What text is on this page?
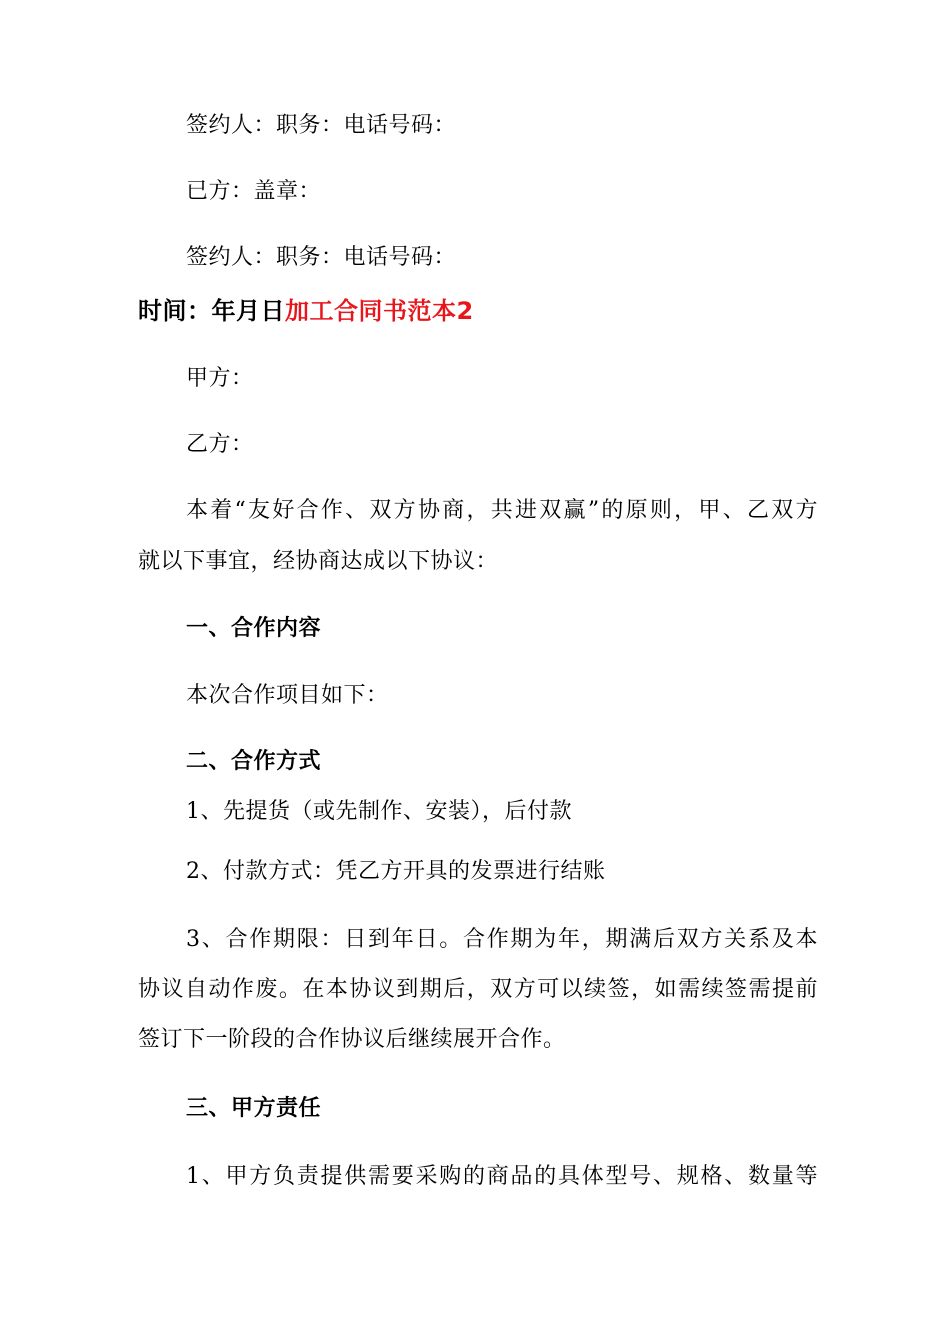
签约人：职务：电话号码：
已方：盖章：
签约人：职务：电话号码：
时间：年月日加工合同书范本2
甲方：
乙方：
本着“友好合作、双方协商，共进双赢”的原则，甲、乙双方
就以下事宜，经协商达成以下协议：
一、合作内容
本次合作项目如下：
二、合作方式
1、先提货（或先制作、安装），后付款
2、付款方式：凭乙方开具的发票进行结账
3、合作期限：日到年日。合作期为年，期满后双方关系及本
协议自动作废。在本协议到期后，双方可以续签，如需续签需提前
签订下一阶段的合作协议后继续展开合作。
三、甲方责任
1、甲方负责提供需要采购的商品的具体型号、规格、数量等
